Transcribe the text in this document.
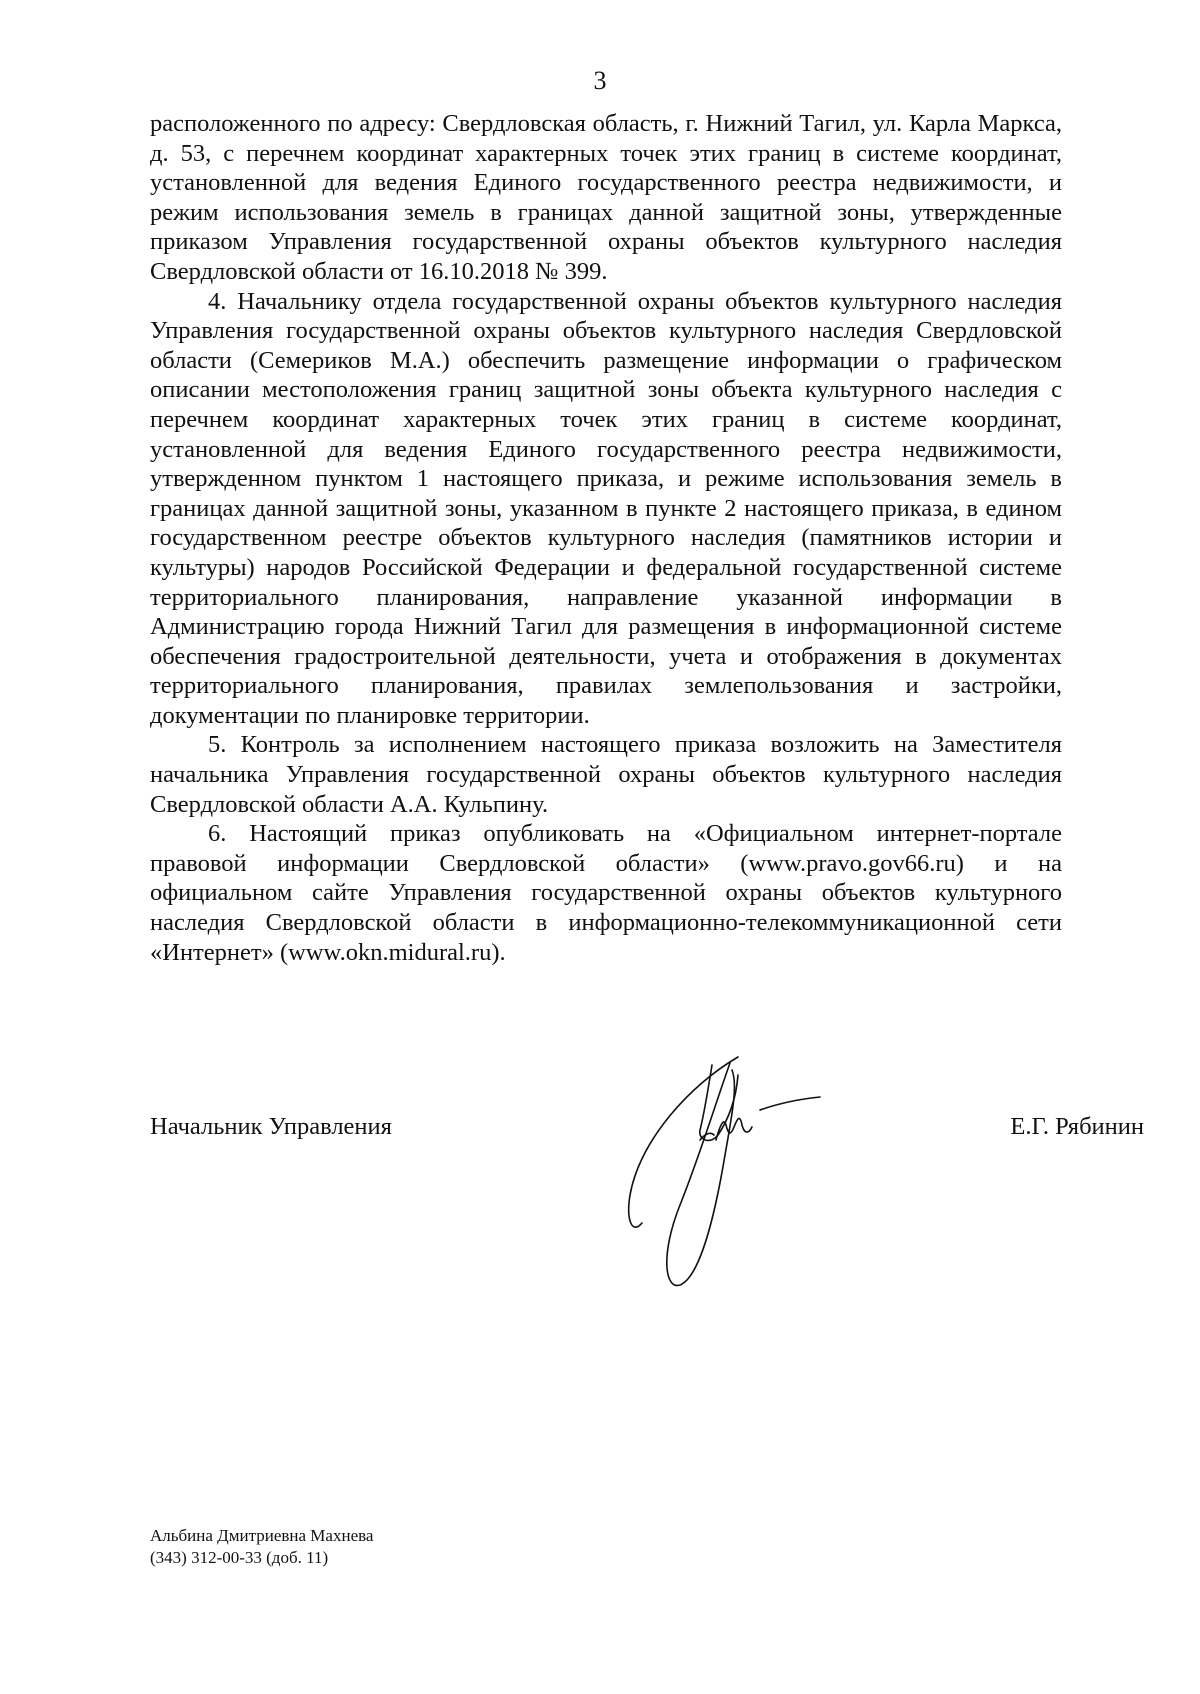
3

расположенного по адресу: Свердловская область, г. Нижний Тагил, ул. Карла Маркса, д. 53, с перечнем координат характерных точек этих границ в системе координат, установленной для ведения Единого государственного реестра недвижимости, и режим использования земель в границах данной защитной зоны, утвержденные приказом Управления государственной охраны объектов культурного наследия Свердловской области от 16.10.2018 № 399.

4. Начальнику отдела государственной охраны объектов культурного наследия Управления государственной охраны объектов культурного наследия Свердловской области (Семериков М.А.) обеспечить размещение информации о графическом описании местоположения границ защитной зоны объекта культурного наследия с перечнем координат характерных точек этих границ в системе координат, установленной для ведения Единого государственного реестра недвижимости, утвержденном пунктом 1 настоящего приказа, и режиме использования земель в границах данной защитной зоны, указанном в пункте 2 настоящего приказа, в едином государственном реестре объектов культурного наследия (памятников истории и культуры) народов Российской Федерации и федеральной государственной системе территориального планирования, направление указанной информации в Администрацию города Нижний Тагил для размещения в информационной системе обеспечения градостроительной деятельности, учета и отображения в документах территориального планирования, правилах землепользования и застройки, документации по планировке территории.

5. Контроль за исполнением настоящего приказа возложить на Заместителя начальника Управления государственной охраны объектов культурного наследия Свердловской области А.А. Кульпину.

6. Настоящий приказ опубликовать на «Официальном интернет-портале правовой информации Свердловской области» (www.pravo.gov66.ru) и на официальном сайте Управления государственной охраны объектов культурного наследия Свердловской области в информационно-телекоммуникационной сети «Интернет» (www.okn.midural.ru).

Начальник Управления	Е.Г. Рябинин
Альбина Дмитриевна Махнева
(343) 312-00-33 (доб. 11)
